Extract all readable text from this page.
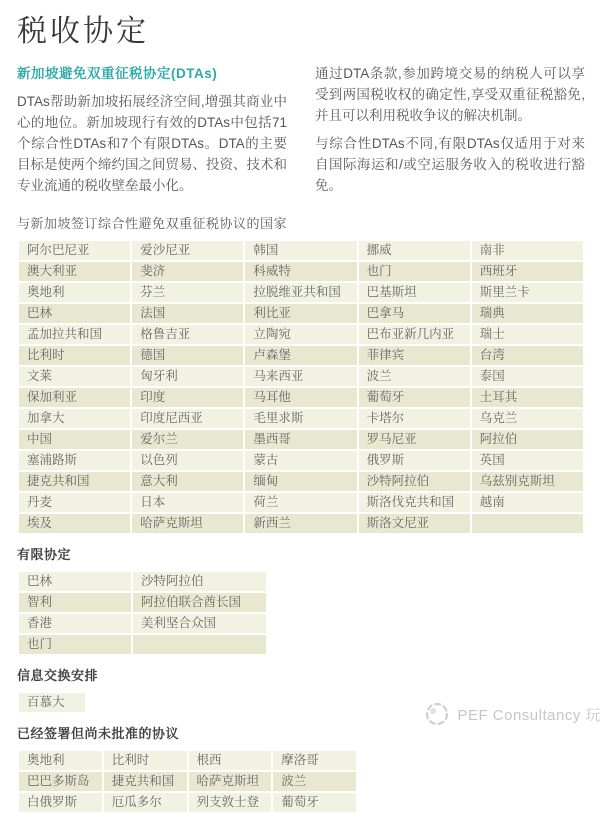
税收协定
新加坡避免双重征税协定(DTAs)

DTAs帮助新加坡拓展经济空间,增强其商业中心的地位。新加坡现行有效的DTAs中包括71个综合性DTAs和7个有限DTAs。DTA的主要目标是使两个缔约国之间贸易、投资、技术和专业流通的税收壁垒最小化。

通过DTA条款,参加跨境交易的纳税人可以享受到两国税收权的确定性,享受双重征税豁免,并且可以利用税收争议的解决机制。

与综合性DTAs不同,有限DTAs仅适用于对来自国际海运和/或空运服务收入的税收进行豁免。

与新加坡签订综合性避免双重征税协议的国家

阿尔巴尼亚	爱沙尼亚	韩国	挪威	南非
澳大利亚	斐济	科威特	也门	西班牙
奥地利	芬兰	拉脱维亚共和国	巴基斯坦	斯里兰卡
巴林	法国	利比亚	巴拿马	瑞典
孟加拉共和国	格鲁吉亚	立陶宛	巴布亚新几内亚	瑞士
比利时	德国	卢森堡	菲律宾	台湾
文莱	匈牙利	马来西亚	波兰	泰国
保加利亚	印度	马耳他	葡萄牙	土耳其
加拿大	印度尼西亚	毛里求斯	卡塔尔	乌克兰
中国	爱尔兰	墨西哥	罗马尼亚	阿拉伯
塞浦路斯	以色列	蒙古	俄罗斯	英国
捷克共和国	意大利	缅甸	沙特阿拉伯	乌兹别克斯坦
丹麦	日本	荷兰	斯洛伐克共和国	越南
埃及	哈萨克斯坦	新西兰	斯洛文尼亚	
有限协定
巴林	沙特阿拉伯
智利	阿拉伯联合酋长国
香港	美利坚合众国
也门	
信息交换安排
百慕大
已经签署但尚未批准的协议
奥地利	比利时	根西	摩洛哥
巴巴多斯岛	捷克共和国	哈萨克斯坦	波兰
白俄罗斯	厄瓜多尔	列支敦士登	葡萄牙
PEF Consultancy 玩
